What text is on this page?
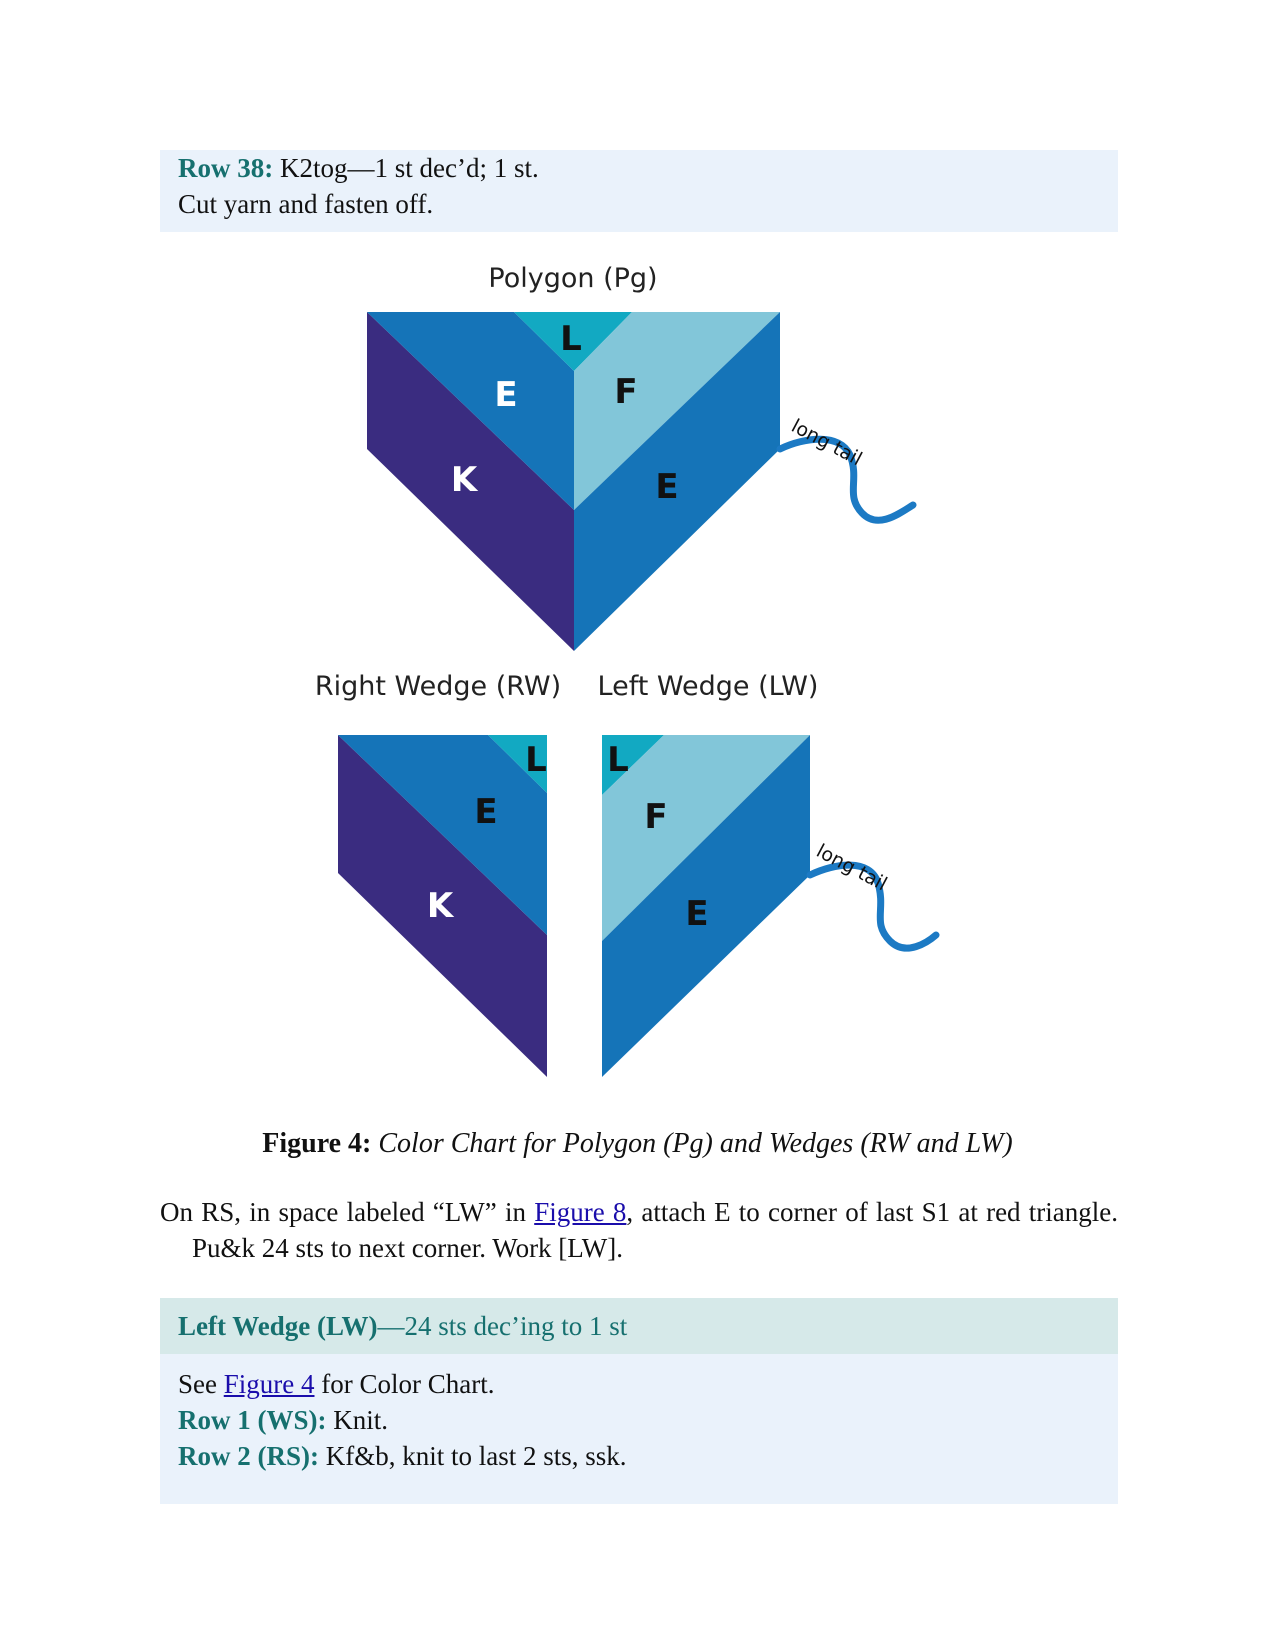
Row 38: K2tog—1 st dec’d; 1 st.
Cut yarn and fasten off.
Polygon (Pg)
L
E	F
K	E
long tail
Right Wedge (RW) Left Wedge (LW)
L
E
K
L
F
E
long tail
Figure 4: Color Chart for Polygon (Pg) and Wedges (RW and LW)
On RS, in space labeled “LW” in Figure 8, attach E to corner of last S1 at red triangle. Pu&k 24 sts to next corner. Work [LW].
Left Wedge (LW)—24 sts dec’ing to 1 st
See Figure 4 for Color Chart.
Row 1 (WS): Knit.
Row 2 (RS): Kf&b, knit to last 2 sts, ssk.
